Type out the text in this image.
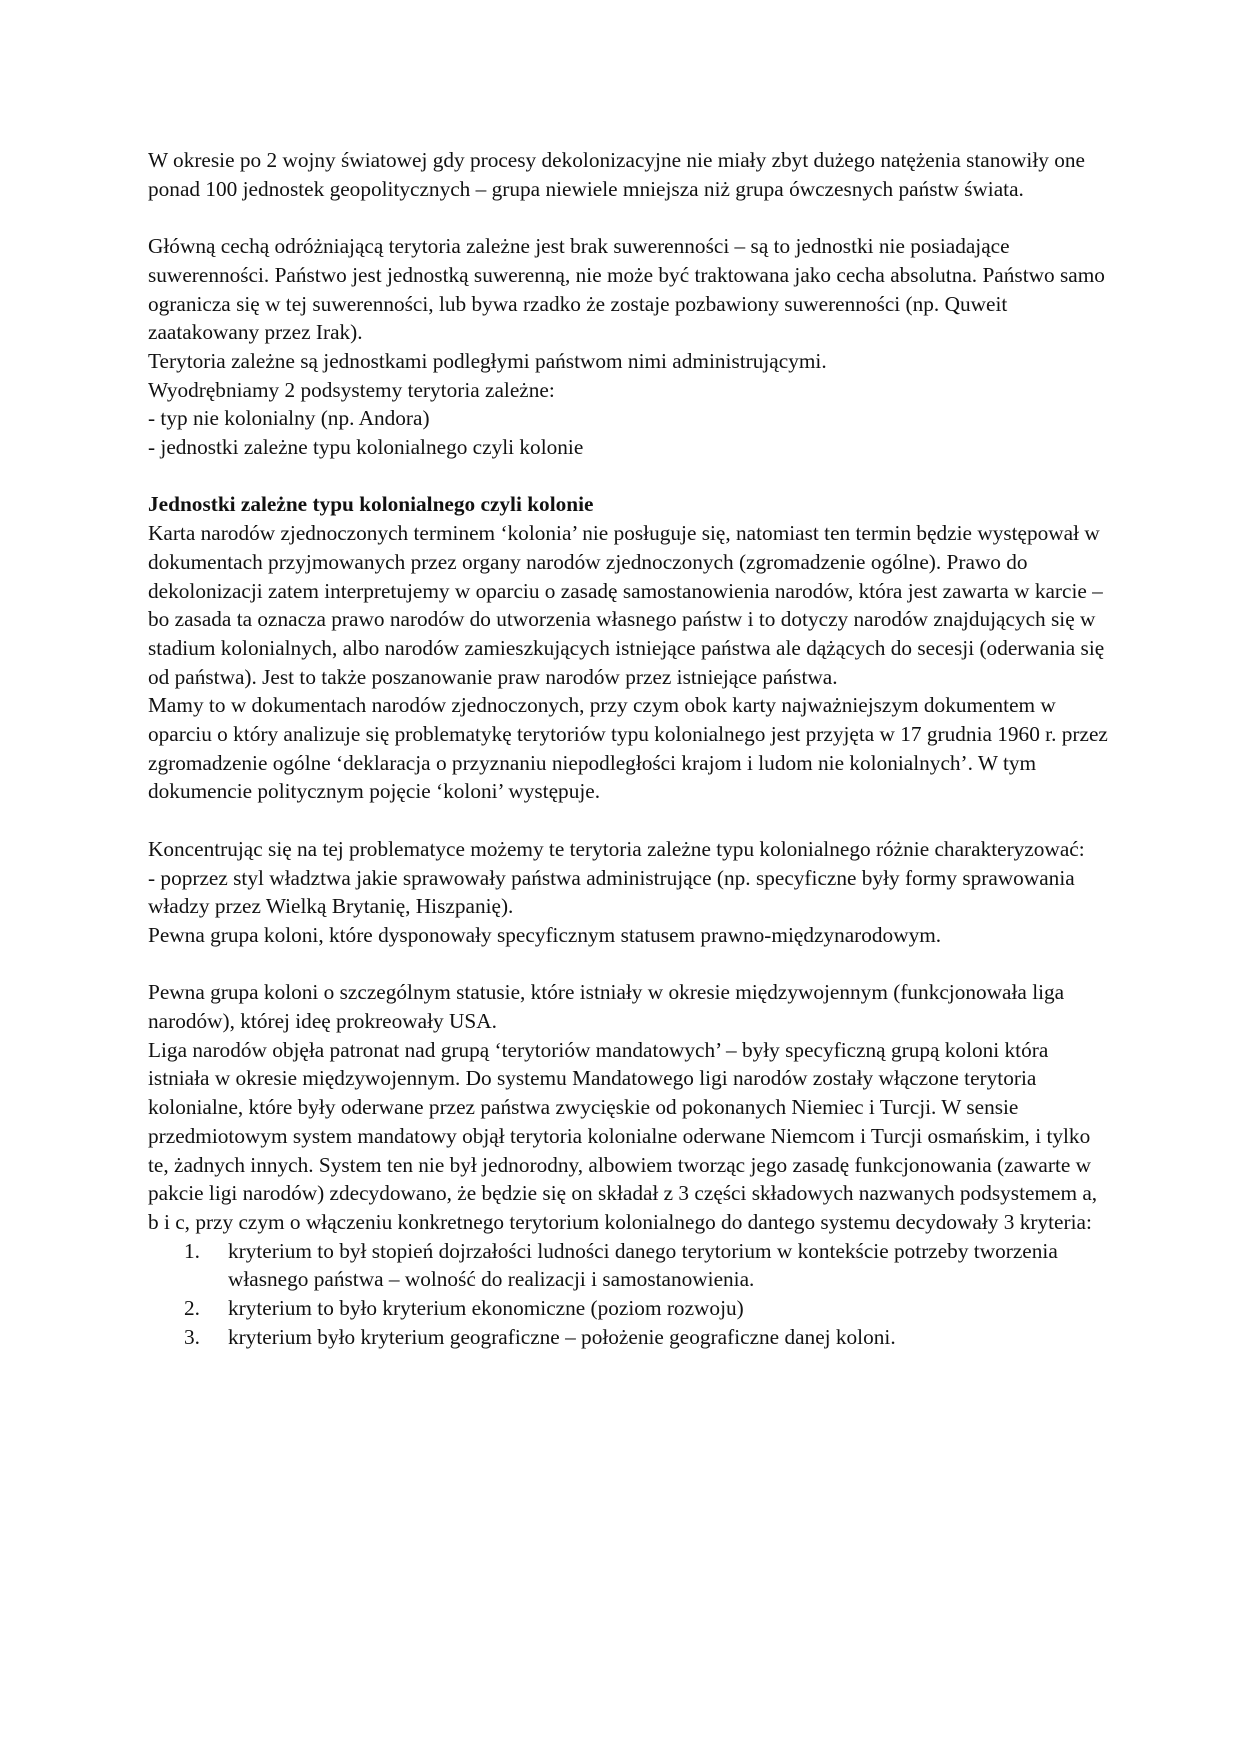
W okresie po 2 wojny światowej gdy procesy dekolonizacyjne nie miały zbyt dużego natężenia stanowiły one ponad 100 jednostek geopolitycznych – grupa niewiele mniejsza niż grupa ówczesnych państw świata.

Główną cechą odróżniającą terytoria zależne jest brak suwerenności – są to jednostki nie posiadające suwerenności. Państwo jest jednostką suwerenną, nie może być traktowana jako cecha absolutna. Państwo samo ogranicza się w tej suwerenności, lub bywa rzadko że zostaje pozbawiony suwerenności (np. Quweit zaatakowany przez Irak).

Terytoria zależne są jednostkami podległymi państwom nimi administrującymi.

Wyodrębniamy 2 podsystemy terytoria zależne:

- typ nie kolonialny (np. Andora)

- jednostki zależne typu kolonialnego czyli kolonie

Jednostki zależne typu kolonialnego czyli kolonie

Karta narodów zjednoczonych terminem ‘kolonia’ nie posługuje się, natomiast ten termin będzie występował w dokumentach przyjmowanych przez organy narodów zjednoczonych (zgromadzenie ogólne). Prawo do dekolonizacji zatem interpretujemy w oparciu o zasadę samostanowienia narodów, która jest zawarta w karcie – bo zasada ta oznacza prawo narodów do utworzenia własnego państw i to dotyczy narodów znajdujących się w stadium kolonialnych, albo narodów zamieszkujących istniejące państwa ale dążących do secesji (oderwania się od państwa). Jest to także poszanowanie praw narodów przez istniejące państwa.

Mamy to w dokumentach narodów zjednoczonych, przy czym obok karty najważniejszym dokumentem w oparciu o który analizuje się problematykę terytoriów typu kolonialnego jest przyjęta w 17 grudnia 1960 r. przez zgromadzenie ogólne ‘deklaracja o przyznaniu niepodległości krajom i ludom nie kolonialnych’. W tym dokumencie politycznym pojęcie ‘koloni’ występuje.

Koncentrując się na tej problematyce możemy te terytoria zależne typu kolonialnego różnie charakteryzować:

- poprzez styl władztwa jakie sprawowały państwa administrujące (np. specyficzne były formy sprawowania władzy przez Wielką Brytanię, Hiszpanię).

Pewna grupa koloni, które dysponowały specyficznym statusem prawno-międzynarodowym.

Pewna grupa koloni o szczególnym statusie, które istniały w okresie międzywojennym (funkcjonowała liga narodów), której ideę prokreowały USA.

Liga narodów objęła patronat nad grupą ‘terytoriów mandatowych’ – były specyficzną grupą koloni która istniała w okresie międzywojennym. Do systemu Mandatowego ligi narodów zostały włączone terytoria kolonialne, które były oderwane przez państwa zwycięskie od pokonanych Niemiec i Turcji. W sensie przedmiotowym system mandatowy objął terytoria kolonialne oderwane Niemcom i Turcji osmańskim, i tylko te, żadnych innych. System ten nie był jednorodny, albowiem tworząc jego zasadę funkcjonowania (zawarte w pakcie ligi narodów) zdecydowano, że będzie się on składał z 3 części składowych nazwanych podsystemem a, b i c, przy czym o włączeniu konkretnego terytorium kolonialnego do dantego systemu decydowały 3 kryteria:

1.	kryterium to był stopień dojrzałości ludności danego terytorium w kontekście potrzeby tworzenia własnego państwa – wolność do realizacji i samostanowienia.
2.	kryterium to było kryterium ekonomiczne (poziom rozwoju)
3.	kryterium było kryterium geograficzne – położenie geograficzne danej koloni.
